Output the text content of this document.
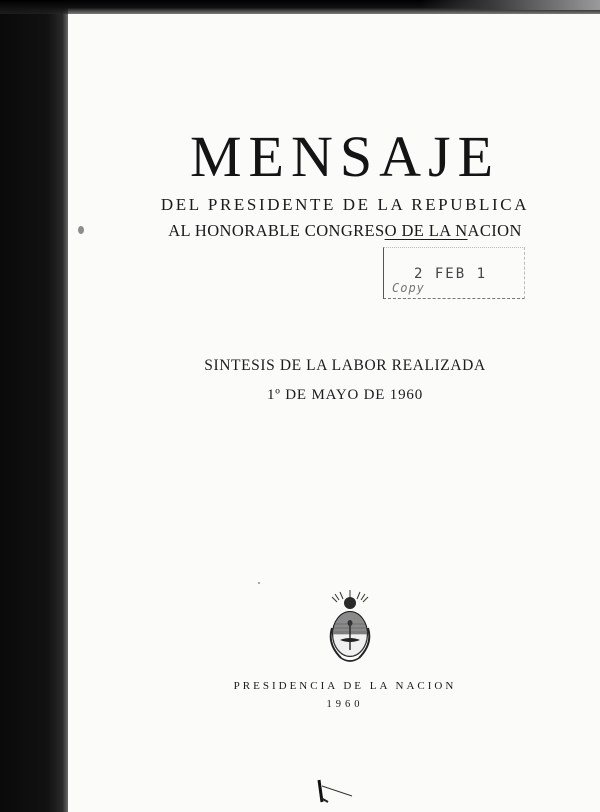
MENSAJE
DEL PRESIDENTE DE LA REPUBLICA
AL HONORABLE CONGRESO DE LA NACION
2 FEB 1
Copy
SINTESIS DE LA LABOR REALIZADA
1º DE MAYO DE 1960
PRESIDENCIA DE LA NACION
1960
